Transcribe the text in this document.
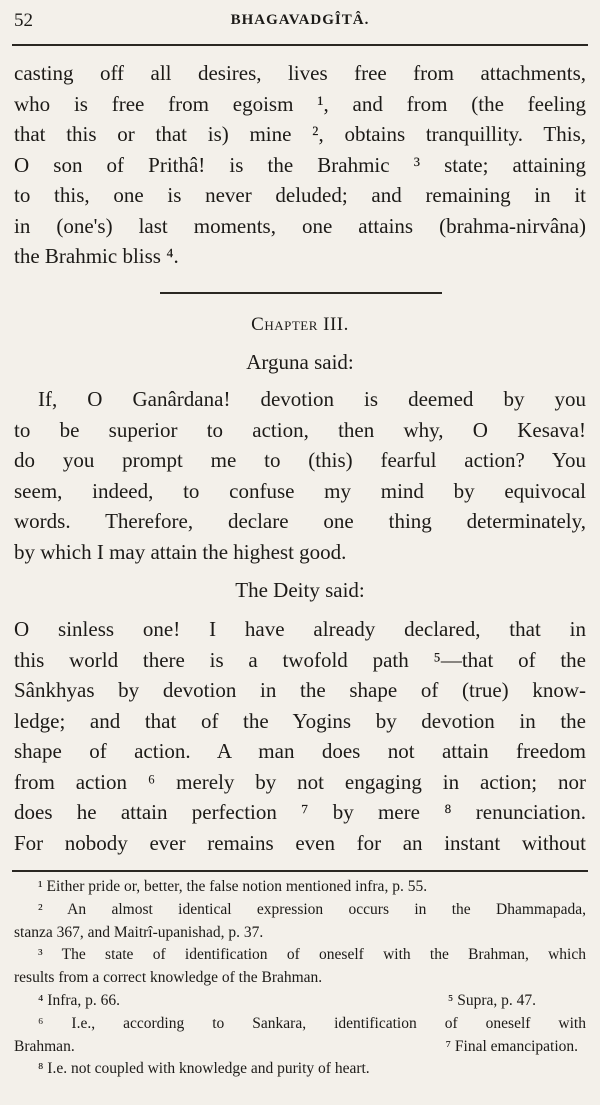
52	BHAGAVADGÎTÂ.
casting off all desires, lives free from attachments,
who is free from egoism ¹, and from (the feeling
that this or that is) mine ², obtains tranquillity. This,
O son of Prithâ! is the Brahmic ³ state; attaining
to this, one is never deluded; and remaining in it
in (one's) last moments, one attains (brahma-nirvâna)
the Brahmic bliss ⁴.
Chapter III.
Arguna said:
If, O Ganârdana! devotion is deemed by you
to be superior to action, then why, O Kesava!
do you prompt me to (this) fearful action? You
seem, indeed, to confuse my mind by equivocal
words. Therefore, declare one thing determinately,
by which I may attain the highest good.
The Deity said:
O sinless one! I have already declared, that in
this world there is a twofold path ⁵—that of the
Sânkhyas by devotion in the shape of (true) know-
ledge; and that of the Yogins by devotion in the
shape of action. A man does not attain freedom
from action ⁶ merely by not engaging in action; nor
does he attain perfection ⁷ by mere ⁸ renunciation.
For nobody ever remains even for an instant without
¹ Either pride or, better, the false notion mentioned infra, p. 55.
² An almost identical expression occurs in the Dhammapada,
stanza 367, and Maitrî-upanishad, p. 37.
³ The state of identification of oneself with the Brahman, which
results from a correct knowledge of the Brahman.
⁴ Infra, p. 66.	⁵ Supra, p. 47.
⁶ I.e., according to Sankara, identification of oneself with
Brahman.	⁷ Final emancipation.
⁸ I.e. not coupled with knowledge and purity of heart.
